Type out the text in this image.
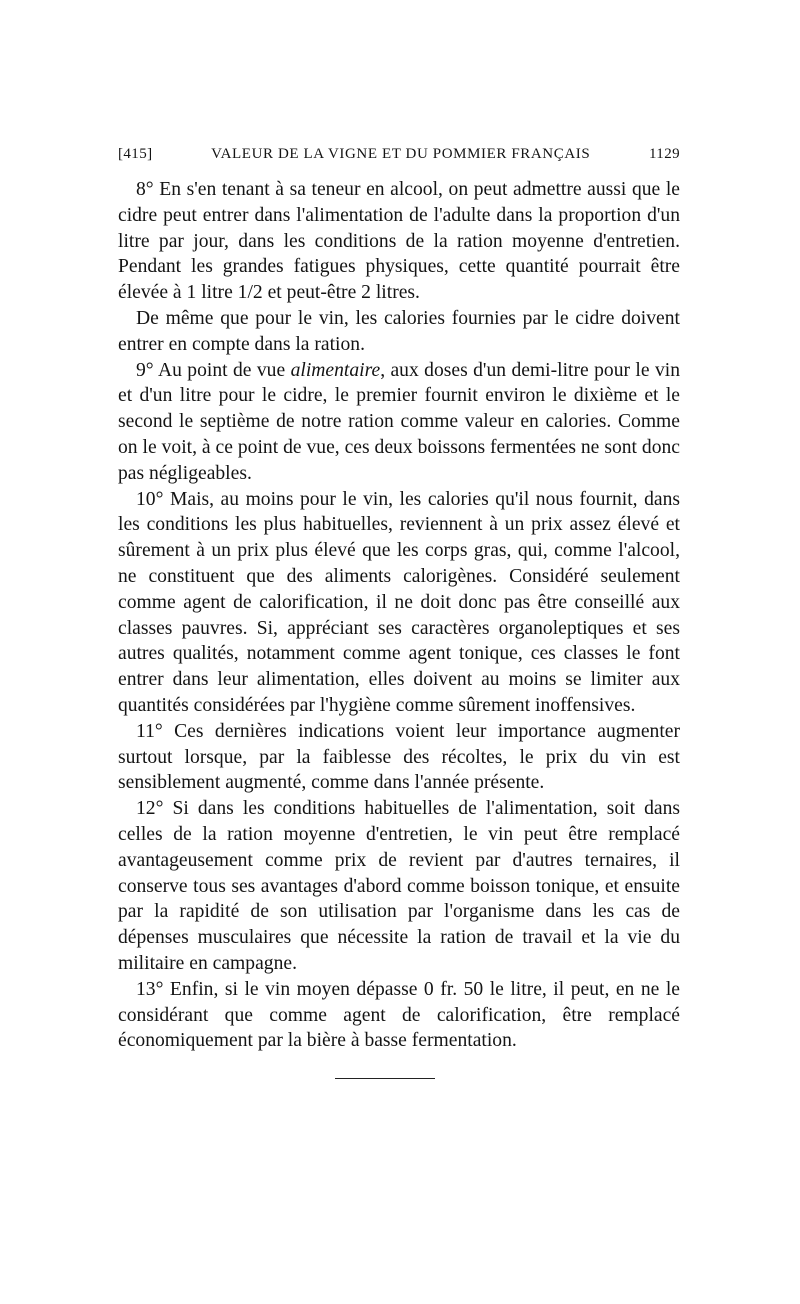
[415]	VALEUR DE LA VIGNE ET DU POMMIER FRANÇAIS	1129

8° En s'en tenant à sa teneur en alcool, on peut admettre aussi que le cidre peut entrer dans l'alimentation de l'adulte dans la proportion d'un litre par jour, dans les conditions de la ration moyenne d'entretien. Pendant les grandes fatigues physiques, cette quantité pourrait être élevée à 1 litre 1/2 et peut-être 2 litres.

De même que pour le vin, les calories fournies par le cidre doivent entrer en compte dans la ration.

9° Au point de vue alimentaire, aux doses d'un demi-litre pour le vin et d'un litre pour le cidre, le premier fournit environ le dixième et le second le septième de notre ration comme valeur en calories. Comme on le voit, à ce point de vue, ces deux boissons fermentées ne sont donc pas négligeables.

10° Mais, au moins pour le vin, les calories qu'il nous fournit, dans les conditions les plus habituelles, reviennent à un prix assez élevé et sûrement à un prix plus élevé que les corps gras, qui, comme l'alcool, ne constituent que des aliments calorigènes. Considéré seulement comme agent de calorification, il ne doit donc pas être conseillé aux classes pauvres. Si, appréciant ses caractères organoleptiques et ses autres qualités, notamment comme agent tonique, ces classes le font entrer dans leur alimentation, elles doivent au moins se limiter aux quantités considérées par l'hygiène comme sûrement inoffensives.

11° Ces dernières indications voient leur importance augmenter surtout lorsque, par la faiblesse des récoltes, le prix du vin est sensiblement augmenté, comme dans l'année présente.

12° Si dans les conditions habituelles de l'alimentation, soit dans celles de la ration moyenne d'entretien, le vin peut être remplacé avantageusement comme prix de revient par d'autres ternaires, il conserve tous ses avantages d'abord comme boisson tonique, et ensuite par la rapidité de son utilisation par l'organisme dans les cas de dépenses musculaires que nécessite la ration de travail et la vie du militaire en campagne.

13° Enfin, si le vin moyen dépasse 0 fr. 50 le litre, il peut, en ne le considérant que comme agent de calorification, être remplacé économiquement par la bière à basse fermentation.
